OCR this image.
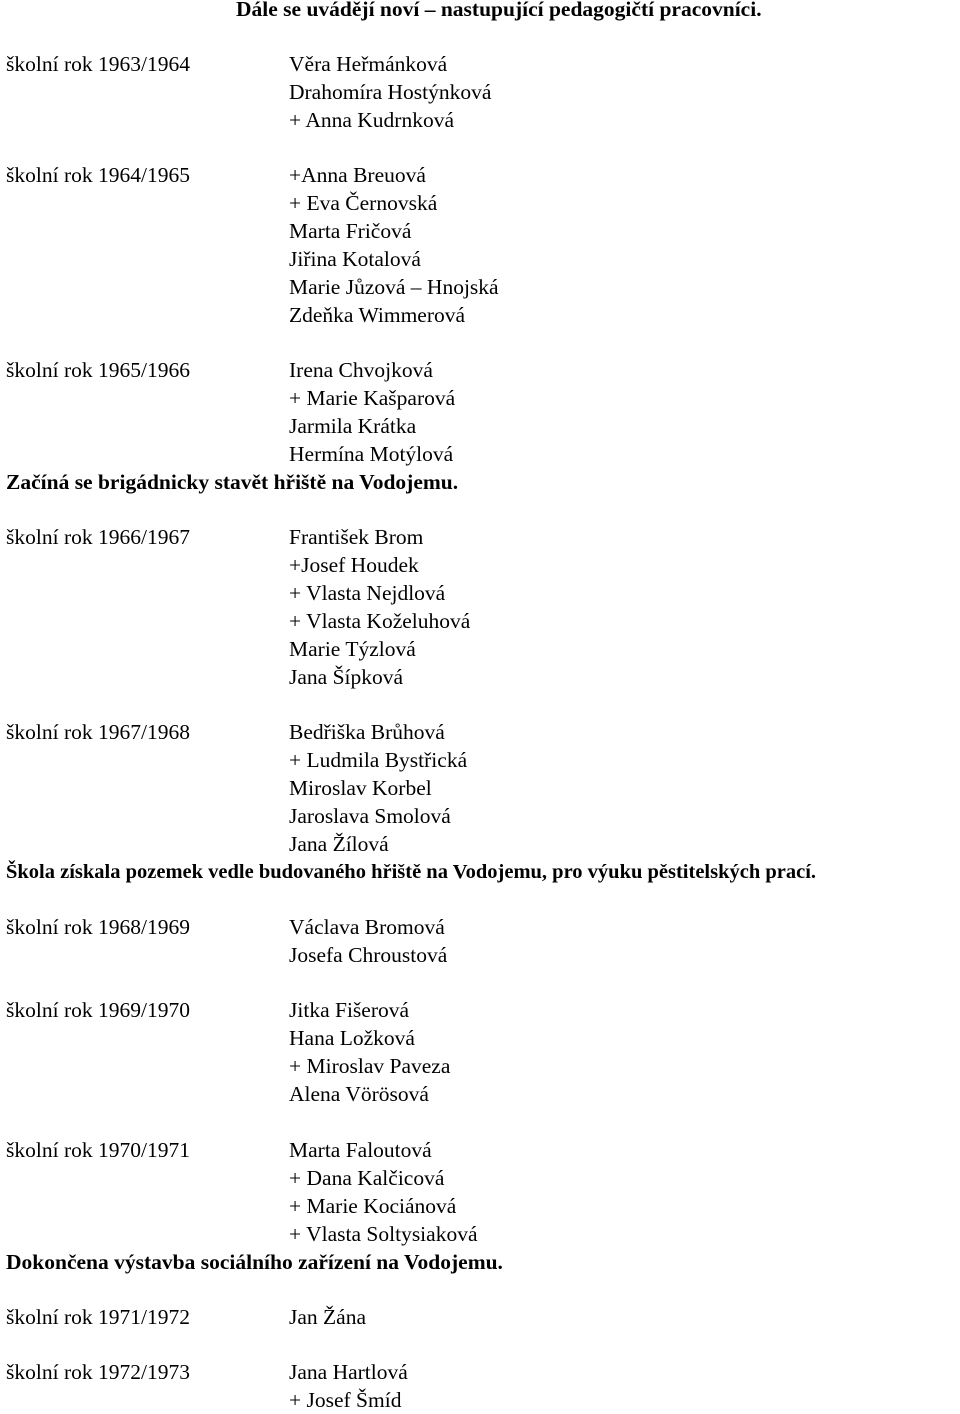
Dále se uvádějí noví – nastupující pedagogičtí pracovníci.
školní rok 1963/1964	Věra Heřmánková
Drahomíra Hostýnková
+ Anna Kudrnková
školní rok 1964/1965	+Anna Breuová
+ Eva Černovská
Marta Fričová
Jiřina Kotalová
Marie Jůzová – Hnojská
Zdeňka Wimmerová
školní rok 1965/1966	Irena Chvojková
+ Marie Kašparová
Jarmila Krátka
Hermína Motýlová
Začíná se brigádnicky stavět hřiště na Vodojemu.
školní rok 1966/1967	František Brom
+Josef Houdek
+ Vlasta Nejdlová
+ Vlasta Koželuhová
Marie Týzlová
Jana Šípková
školní rok 1967/1968	Bedřiška Brůhová
+ Ludmila Bystřická
Miroslav Korbel
Jaroslava Smolová
Jana Žílová
Škola získala pozemek vedle budovaného hřiště na Vodojemu, pro výuku pěstitelských prací.
školní rok 1968/1969	Václava Bromová
Josefa Chroustová
školní rok 1969/1970	Jitka Fišerová
Hana Ložková
+ Miroslav Paveza
Alena Vörösová
školní rok 1970/1971	Marta Faloutová
+ Dana Kalčicová
+ Marie Kociánová
+ Vlasta Soltysiaková
Dokončena výstavba sociálního zařízení na Vodojemu.
školní rok 1971/1972	Jan Žána
školní rok 1972/1973	Jana Hartlová
+ Josef Šmíd
